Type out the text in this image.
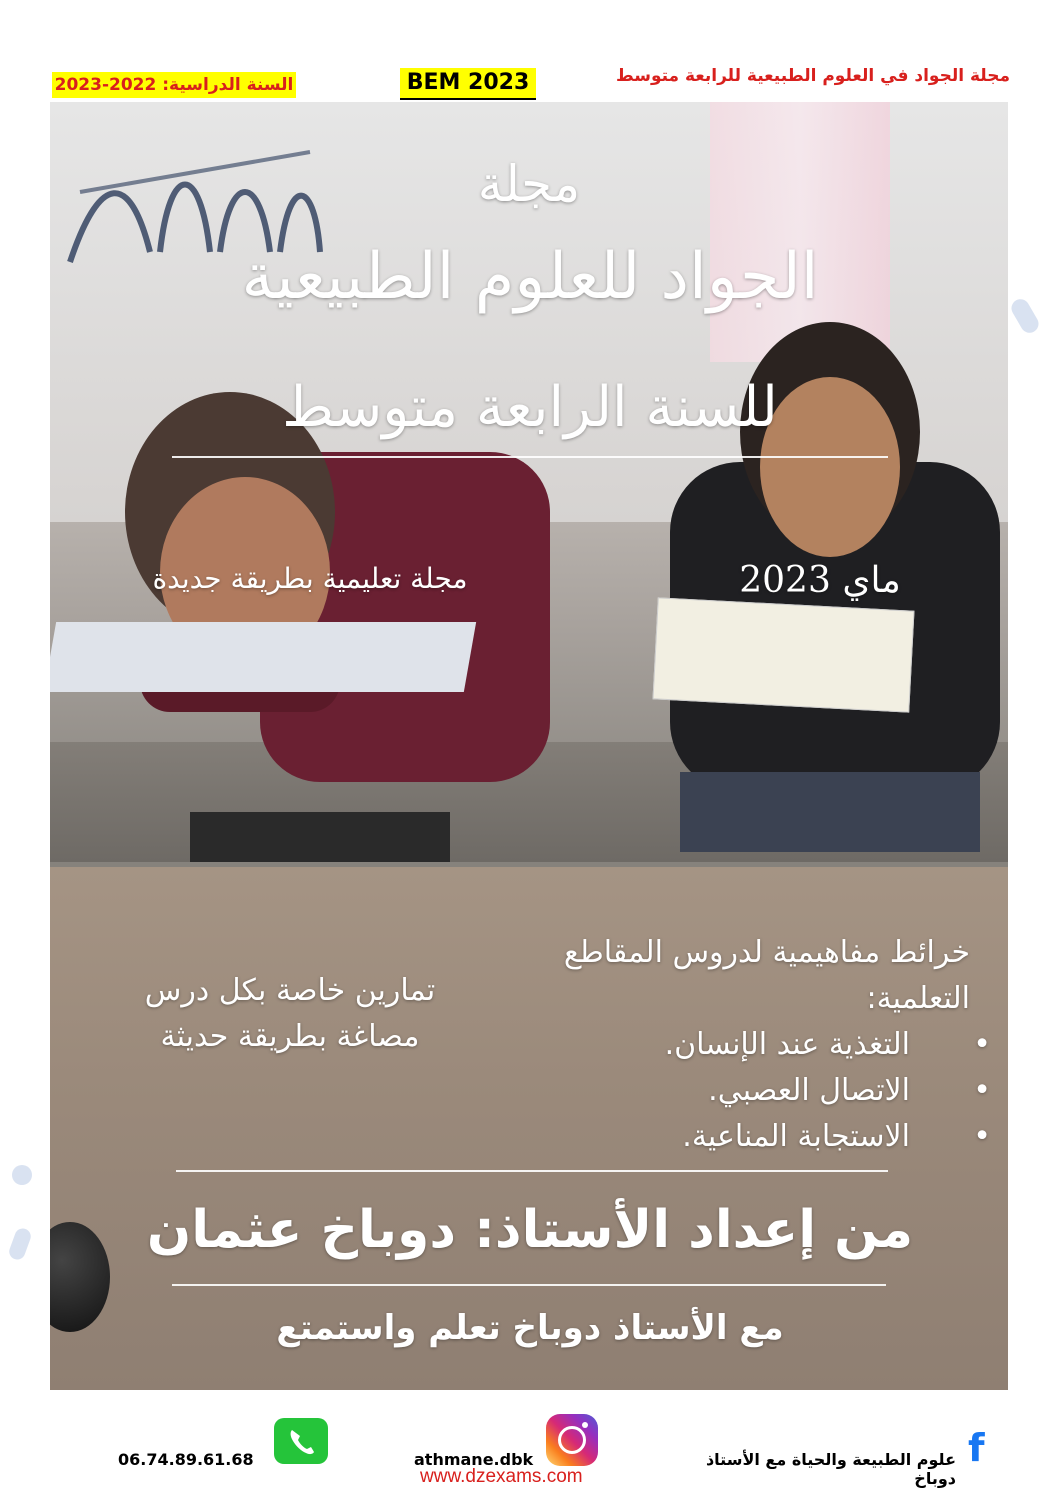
مجلة الجواد في العلوم الطبيعية للرابعة متوسط
BEM 2023
السنة الدراسية: 2022-2023
مجلة
الجواد للعلوم الطبيعية
للسنة الرابعة متوسط
ماي 2023
مجلة تعليمية بطريقة جديدة
خرائط مفاهيمية لدروس المقاطع التعلمية:
• التغذية عند الإنسان.
• الاتصال العصبي.
• الاستجابة المناعية.
تمارين خاصة بكل درس مصاغة بطريقة حديثة
من إعداد الأستاذ: دوباخ عثمان
مع الأستاذ دوباخ تعلم واستمتع
f
علوم الطبيعة والحياة مع الأستاذ دوباخ
athmane.dbk
06.74.89.61.68
www.dzexams.com
